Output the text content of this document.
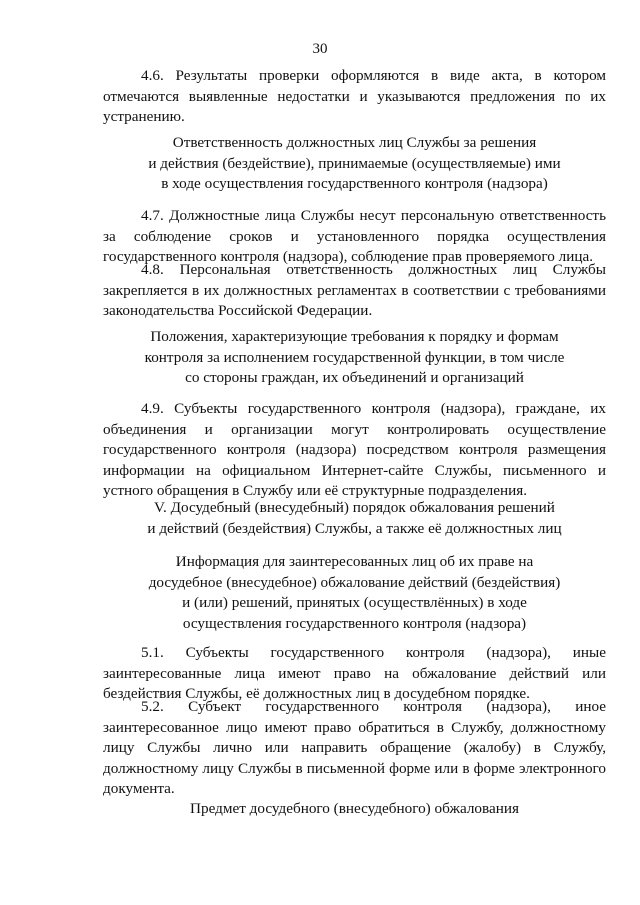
30

4.6. Результаты проверки оформляются в виде акта, в котором отмечаются выявленные недостатки и указываются предложения по их устранению.

Ответственность должностных лиц Службы за решения
и действия (бездействие), принимаемые (осуществляемые) ими
в ходе осуществления государственного контроля (надзора)

4.7. Должностные лица Службы несут персональную ответственность за соблюдение сроков и установленного порядка осуществления государственного контроля (надзора), соблюдение прав проверяемого лица.

4.8. Персональная ответственность должностных лиц Службы закрепляется в их должностных регламентах в соответствии с требованиями законодательства Российской Федерации.

Положения, характеризующие требования к порядку и формам
контроля за исполнением государственной функции, в том числе
со стороны граждан, их объединений и организаций

4.9. Субъекты государственного контроля (надзора), граждане, их объединения и организации могут контролировать осуществление государственного контроля (надзора) посредством контроля размещения информации на официальном Интернет-сайте Службы, письменного и устного обращения в Службу или её структурные подразделения.

V. Досудебный (внесудебный) порядок обжалования решений
и действий (бездействия) Службы, а также её должностных лиц

Информация для заинтересованных лиц об их праве на
досудебное (внесудебное) обжалование действий (бездействия)
и (или) решений, принятых (осуществлённых) в ходе
осуществления государственного контроля (надзора)

5.1. Субъекты государственного контроля (надзора), иные заинтересованные лица имеют право на обжалование действий или бездействия Службы, её должностных лиц в досудебном порядке.

5.2. Субъект государственного контроля (надзора), иное заинтересованное лицо имеют право обратиться в Службу, должностному лицу Службы лично или направить обращение (жалобу) в Службу, должностному лицу Службы в письменной форме или в форме электронного документа.

Предмет досудебного (внесудебного) обжалования
